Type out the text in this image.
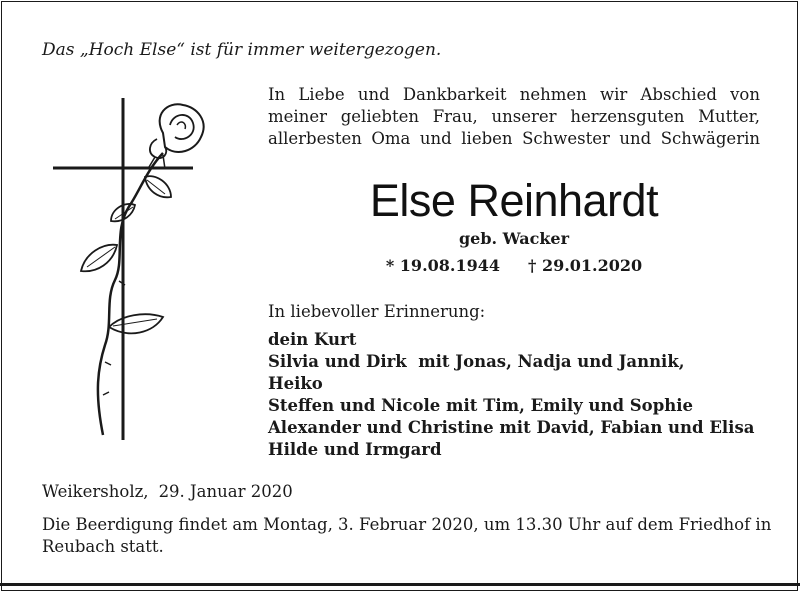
Das „Hoch Else“ ist für immer weitergezogen.
In Liebe und Dankbarkeit nehmen wir Abschied von
meiner geliebten Frau, unserer herzensguten Mutter,
allerbesten Oma und lieben Schwester und Schwägerin
Else Reinhardt
geb. Wacker
* 19.08.1944 † 29.01.2020
In liebevoller Erinnerung:
dein Kurt
Silvia und Dirk  mit Jonas, Nadja und Jannik,
Heiko
Steffen und Nicole mit Tim, Emily und Sophie
Alexander und Christine mit David, Fabian und Elisa
Hilde und Irmgard
Weikersholz, 29. Januar 2020
Die Beerdigung findet am Montag, 3. Februar 2020, um 13.30 Uhr auf dem Friedhof in Reubach statt.
